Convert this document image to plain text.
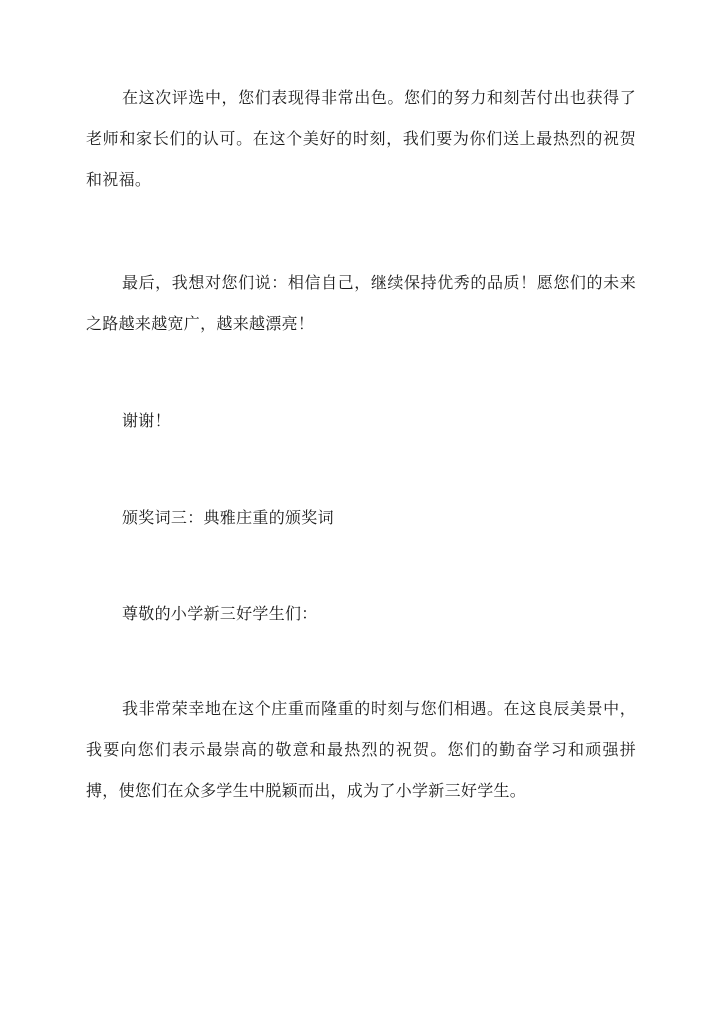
在这次评选中，您们表现得非常出色。您们的努力和刻苦付出也获得了老师和家长们的认可。在这个美好的时刻，我们要为你们送上最热烈的祝贺和祝福。

最后，我想对您们说：相信自己，继续保持优秀的品质！愿您们的未来之路越来越宽广，越来越漂亮！

谢谢！

颁奖词三：典雅庄重的颁奖词

尊敬的小学新三好学生们：

我非常荣幸地在这个庄重而隆重的时刻与您们相遇。在这良辰美景中，我要向您们表示最崇高的敬意和最热烈的祝贺。您们的勤奋学习和顽强拼搏，使您们在众多学生中脱颖而出，成为了小学新三好学生。
